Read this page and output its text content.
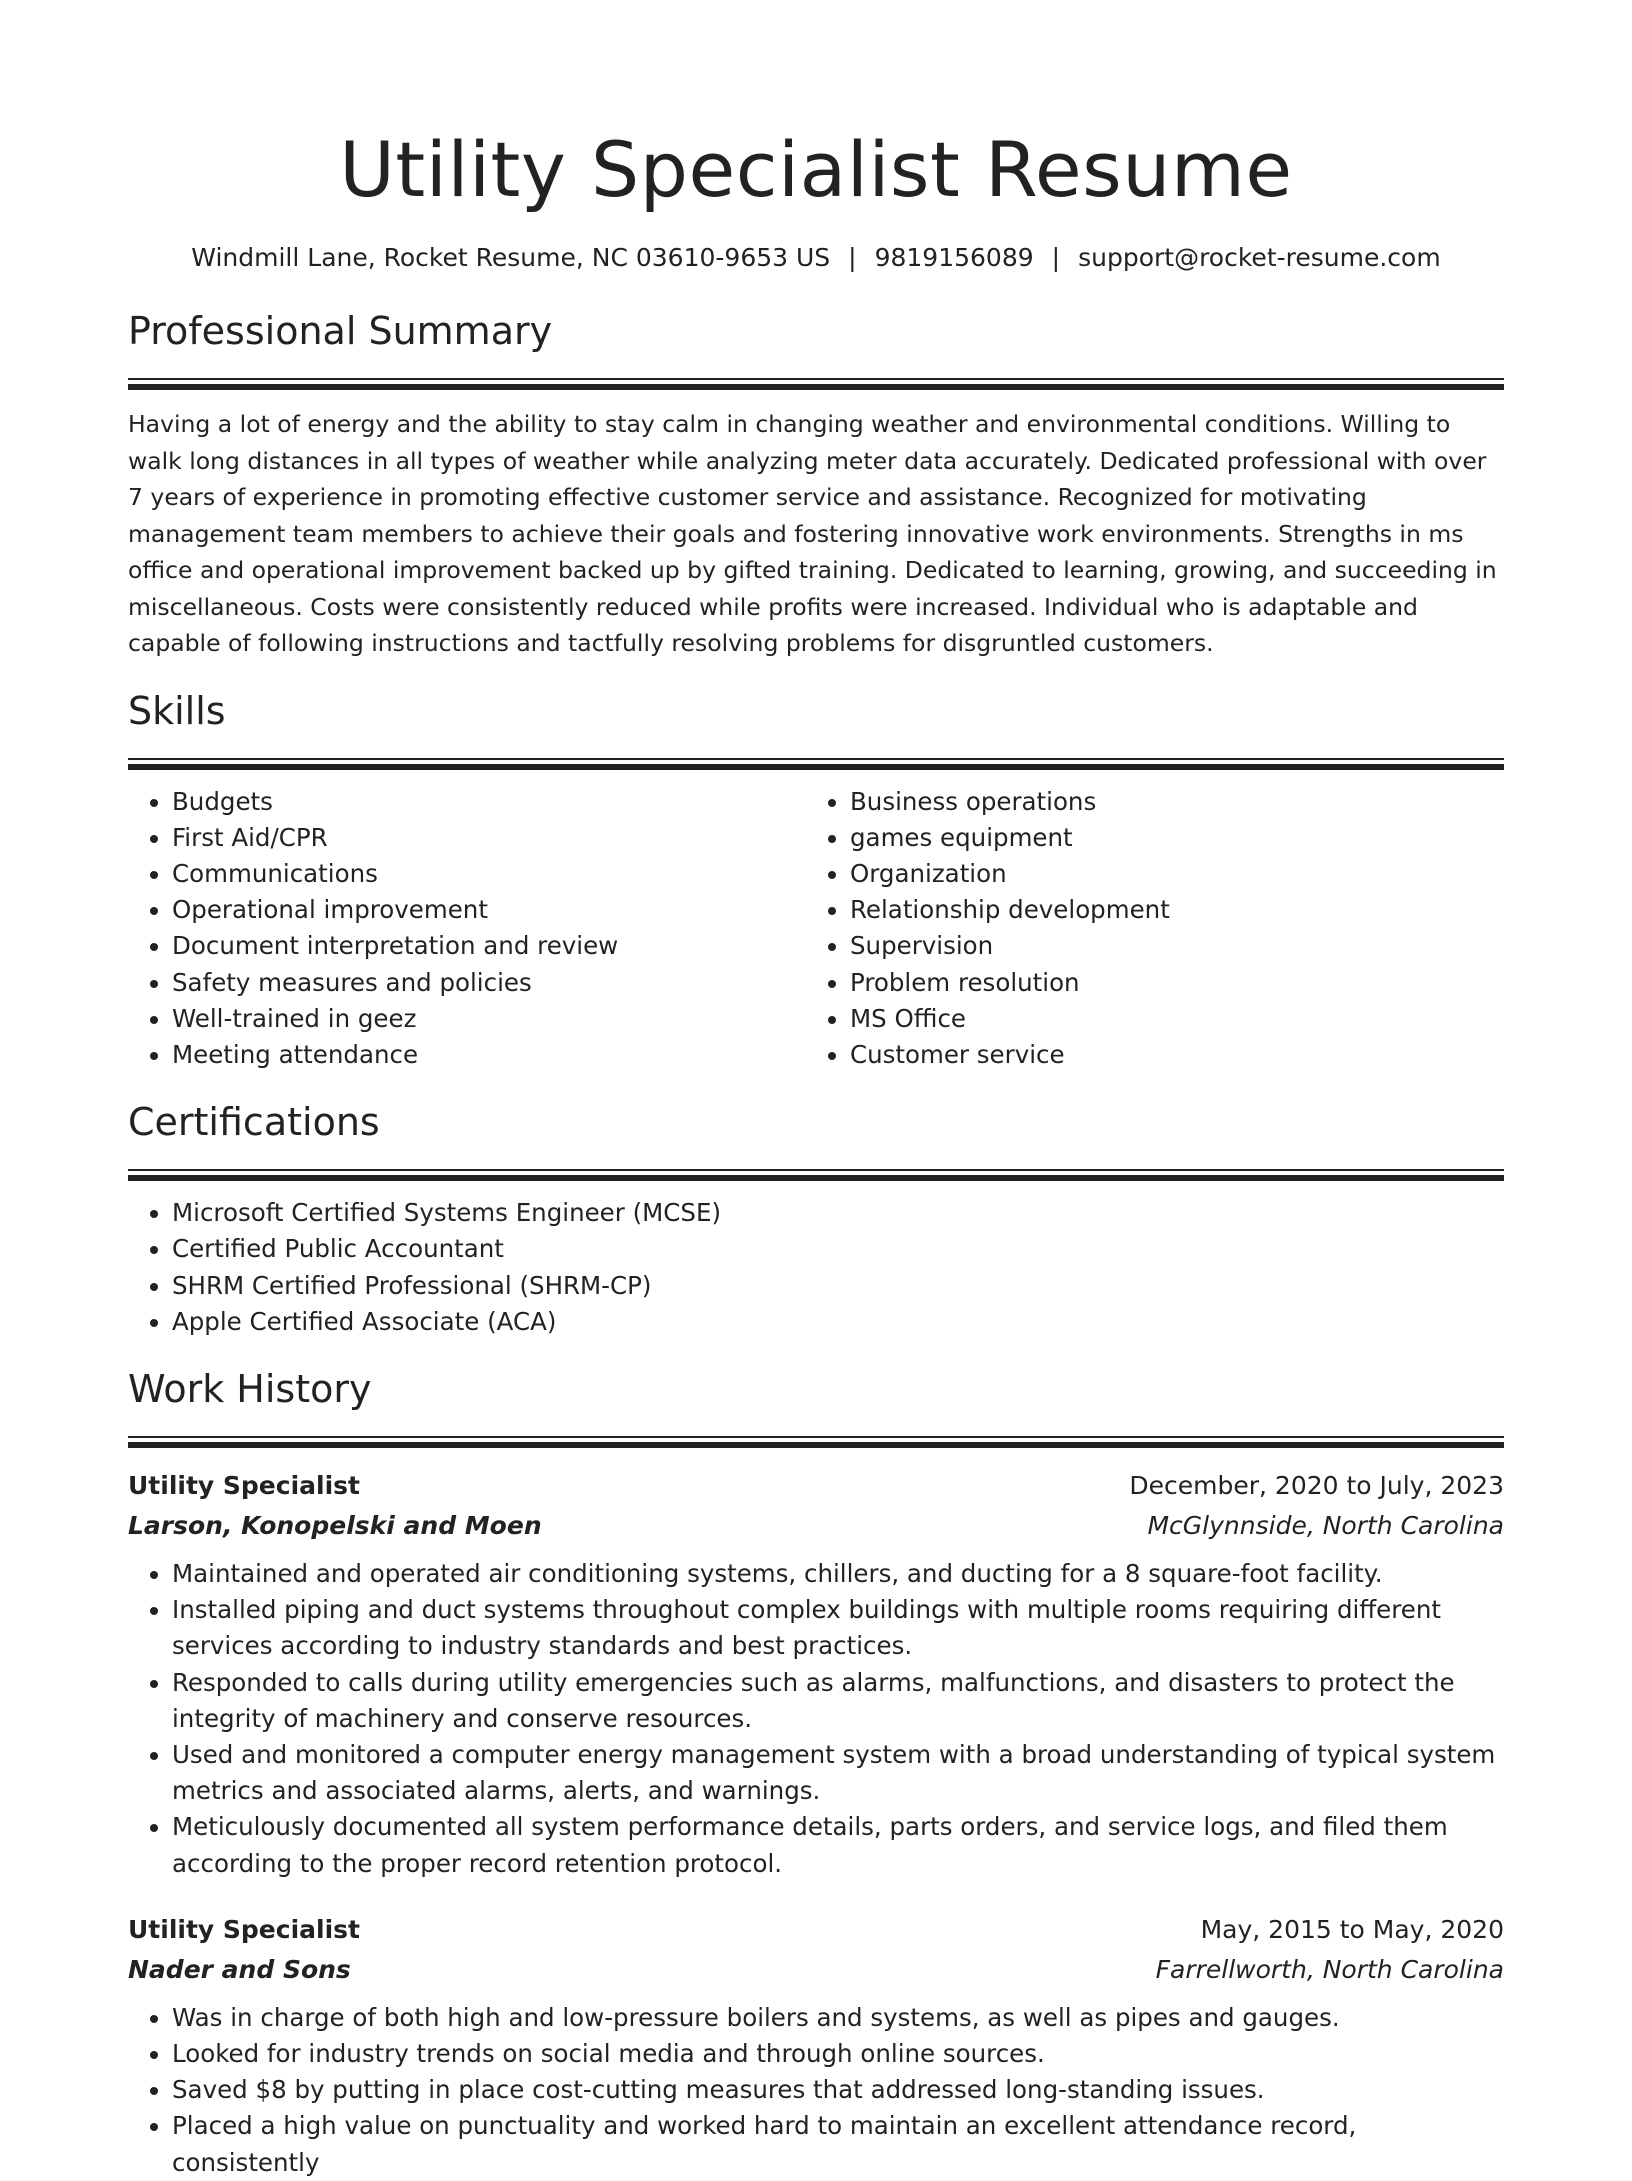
Utility Specialist Resume
Windmill Lane, Rocket Resume, NC 03610-9653 US | 9819156089 | support@rocket-resume.com
Professional Summary

Having a lot of energy and the ability to stay calm in changing weather and environmental conditions. Willing to walk long distances in all types of weather while analyzing meter data accurately. Dedicated professional with over 7 years of experience in promoting effective customer service and assistance. Recognized for motivating management team members to achieve their goals and fostering innovative work environments. Strengths in ms office and operational improvement backed up by gifted training. Dedicated to learning, growing, and succeeding in miscellaneous. Costs were consistently reduced while profits were increased. Individual who is adaptable and capable of following instructions and tactfully resolving problems for disgruntled customers.

Skills
• Budgets
• First Aid/CPR
• Communications
• Operational improvement
• Document interpretation and review
• Safety measures and policies
• Well-trained in geez
• Meeting attendance
• Business operations
• games equipment
• Organization
• Relationship development
• Supervision
• Problem resolution
• MS Office
• Customer service
Certifications
• Microsoft Certified Systems Engineer (MCSE)
• Certified Public Accountant
• SHRM Certified Professional (SHRM-CP)
• Apple Certified Associate (ACA)
Work History
Utility Specialist	December, 2020 to July, 2023
Larson, Konopelski and Moen	McGlynnside, North Carolina
• Maintained and operated air conditioning systems, chillers, and ducting for a 8 square-foot facility.
• Installed piping and duct systems throughout complex buildings with multiple rooms requiring different services according to industry standards and best practices.
• Responded to calls during utility emergencies such as alarms, malfunctions, and disasters to protect the integrity of machinery and conserve resources.
• Used and monitored a computer energy management system with a broad understanding of typical system metrics and associated alarms, alerts, and warnings.
• Meticulously documented all system performance details, parts orders, and service logs, and filed them according to the proper record retention protocol.
Utility Specialist	May, 2015 to May, 2020
Nader and Sons	Farrellworth, North Carolina
• Was in charge of both high and low-pressure boilers and systems, as well as pipes and gauges.
• Looked for industry trends on social media and through online sources.
• Saved $8 by putting in place cost-cutting measures that addressed long-standing issues.
• Placed a high value on punctuality and worked hard to maintain an excellent attendance record, consistently
